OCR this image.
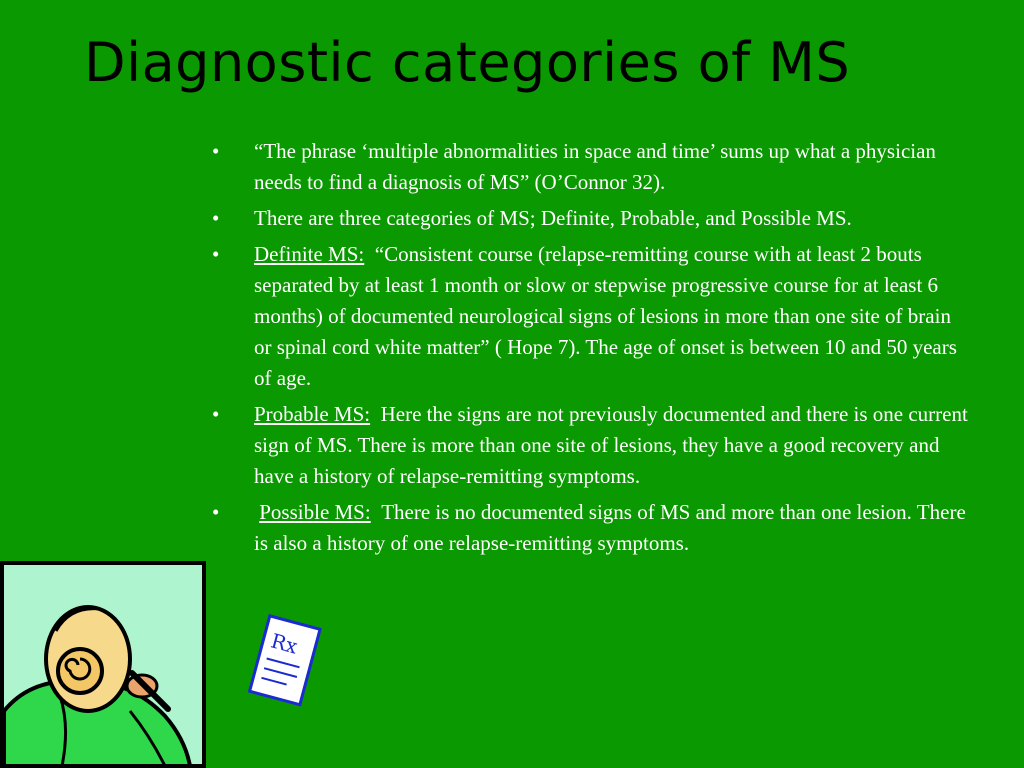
Diagnostic categories of MS
• “The phrase ‘multiple abnormalities in space and time’ sums up what a physician needs to find a diagnosis of MS” (O’Connor 32).
• There are three categories of MS; Definite, Probable, and Possible MS.
• Definite MS: “Consistent course (relapse-remitting course with at least 2 bouts separated by at least 1 month or slow or stepwise progressive course for at least 6 months) of documented neurological signs of lesions in more than one site of brain or spinal cord white matter” ( Hope 7). The age of onset is between 10 and 50 years of age.
• Probable MS: Here the signs are not previously documented and there is one current sign of MS. There is more than one site of lesions, they have a good recovery and have a history of relapse-remitting symptoms.
• Possible MS: There is no documented signs of MS and more than one lesion. There is also a history of one relapse-remitting symptoms.
Rx
